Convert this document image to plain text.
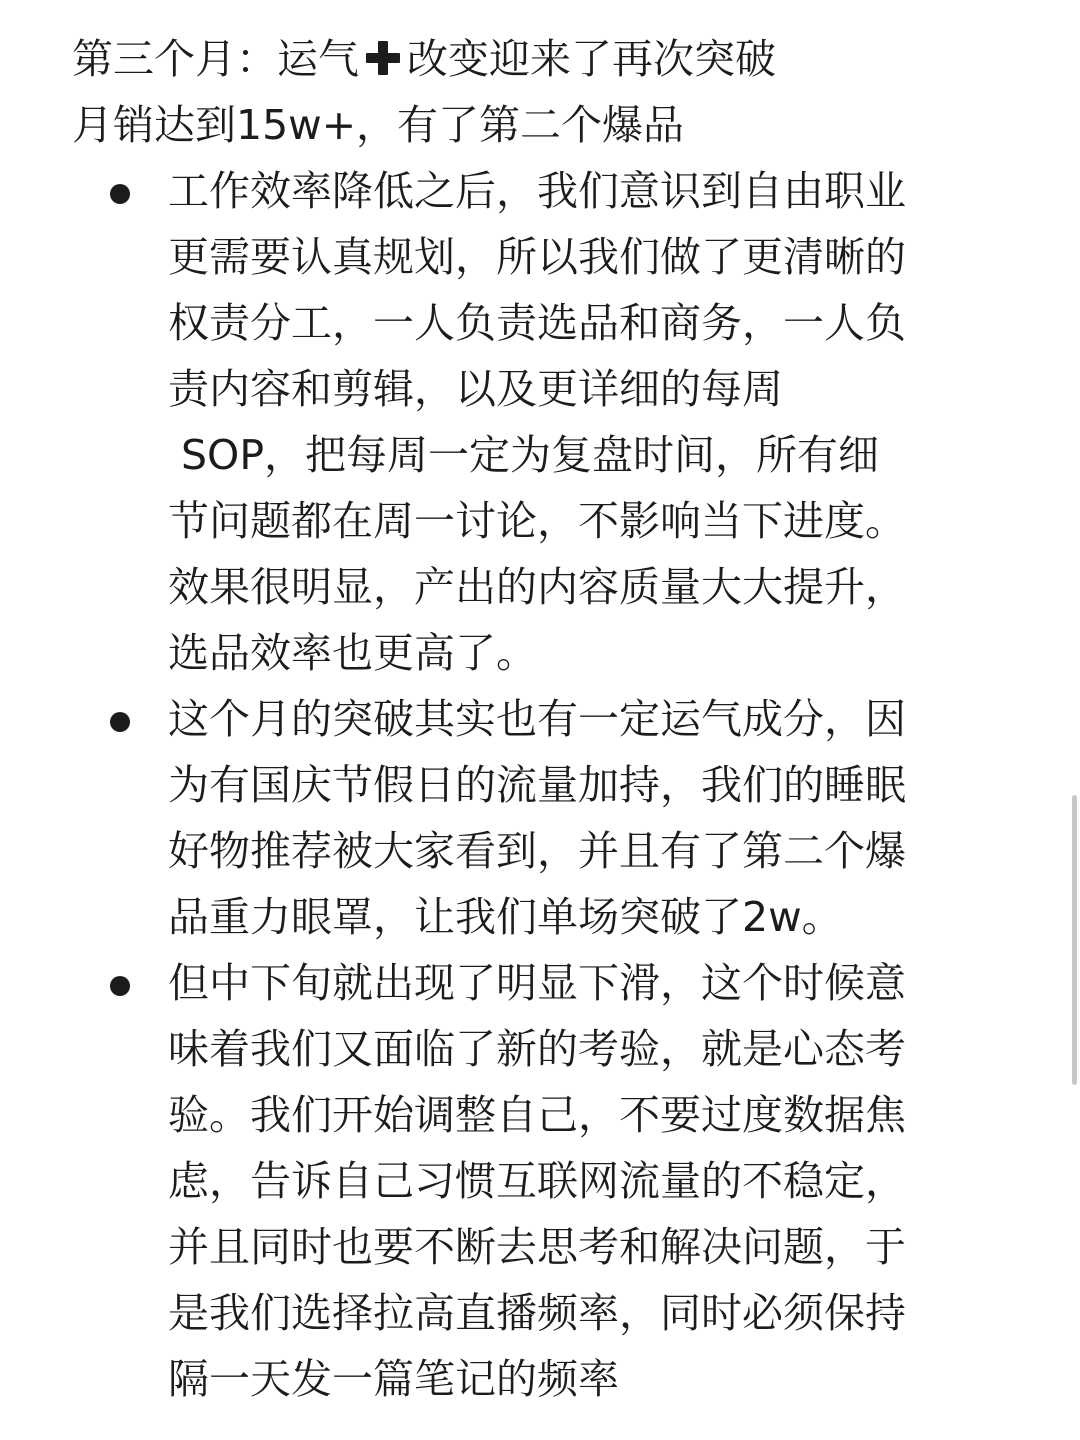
第三个月：运气 改变迎来了再次突破

月销达到15w+，有了第二个爆品

工作效率降低之后，我们意识到自由职业
更需要认真规划，所以我们做了更清晰的
权责分工，一人负责选品和商务，一人负
责内容和剪辑，以及更详细的每周
SOP，把每周一定为复盘时间，所有细
节问题都在周一讨论，不影响当下进度。
效果很明显，产出的内容质量大大提升，
选品效率也更高了。
这个月的突破其实也有一定运气成分，因
为有国庆节假日的流量加持，我们的睡眠
好物推荐被大家看到，并且有了第二个爆
品重力眼罩，让我们单场突破了2w。
但中下旬就出现了明显下滑，这个时候意
味着我们又面临了新的考验，就是心态考
验。我们开始调整自己，不要过度数据焦
虑，告诉自己习惯互联网流量的不稳定，
并且同时也要不断去思考和解决问题，于
是我们选择拉高直播频率，同时必须保持
隔一天发一篇笔记的频率
